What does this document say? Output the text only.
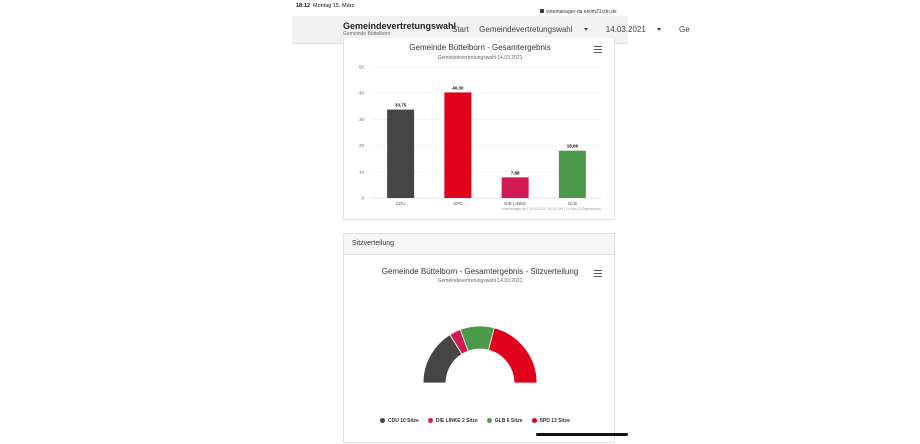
18:12 Montag 15. März
votemanager-da.ekom21cdn.de
Gemeindevertretungswahl
Gemeinde Büttelborn	Start Gemeindevertretungswahl	14.03.2021	Ge
Gemeinde Büttelborn - Gesamtergebnis
Gemeindevertretungswahl 14.03.2021
0
10
20
30
40
50
33,75
CDU
40,30
SPD
7,88
DIE LINKE
18,06
GLB
votemanager.de | 15.03.2021 16:10 Uhr | 11 von 11 Ergebnissen
Sitzverteilung
Gemeinde Büttelborn - Gesamtergebnis - Sitzverteilung
Gemeindevertretungswahl 14.03.2021
CDU 10 Sitze	DIE LINKE 2 Sitze	GLB 6 Sitze	SPD 13 Sitze
